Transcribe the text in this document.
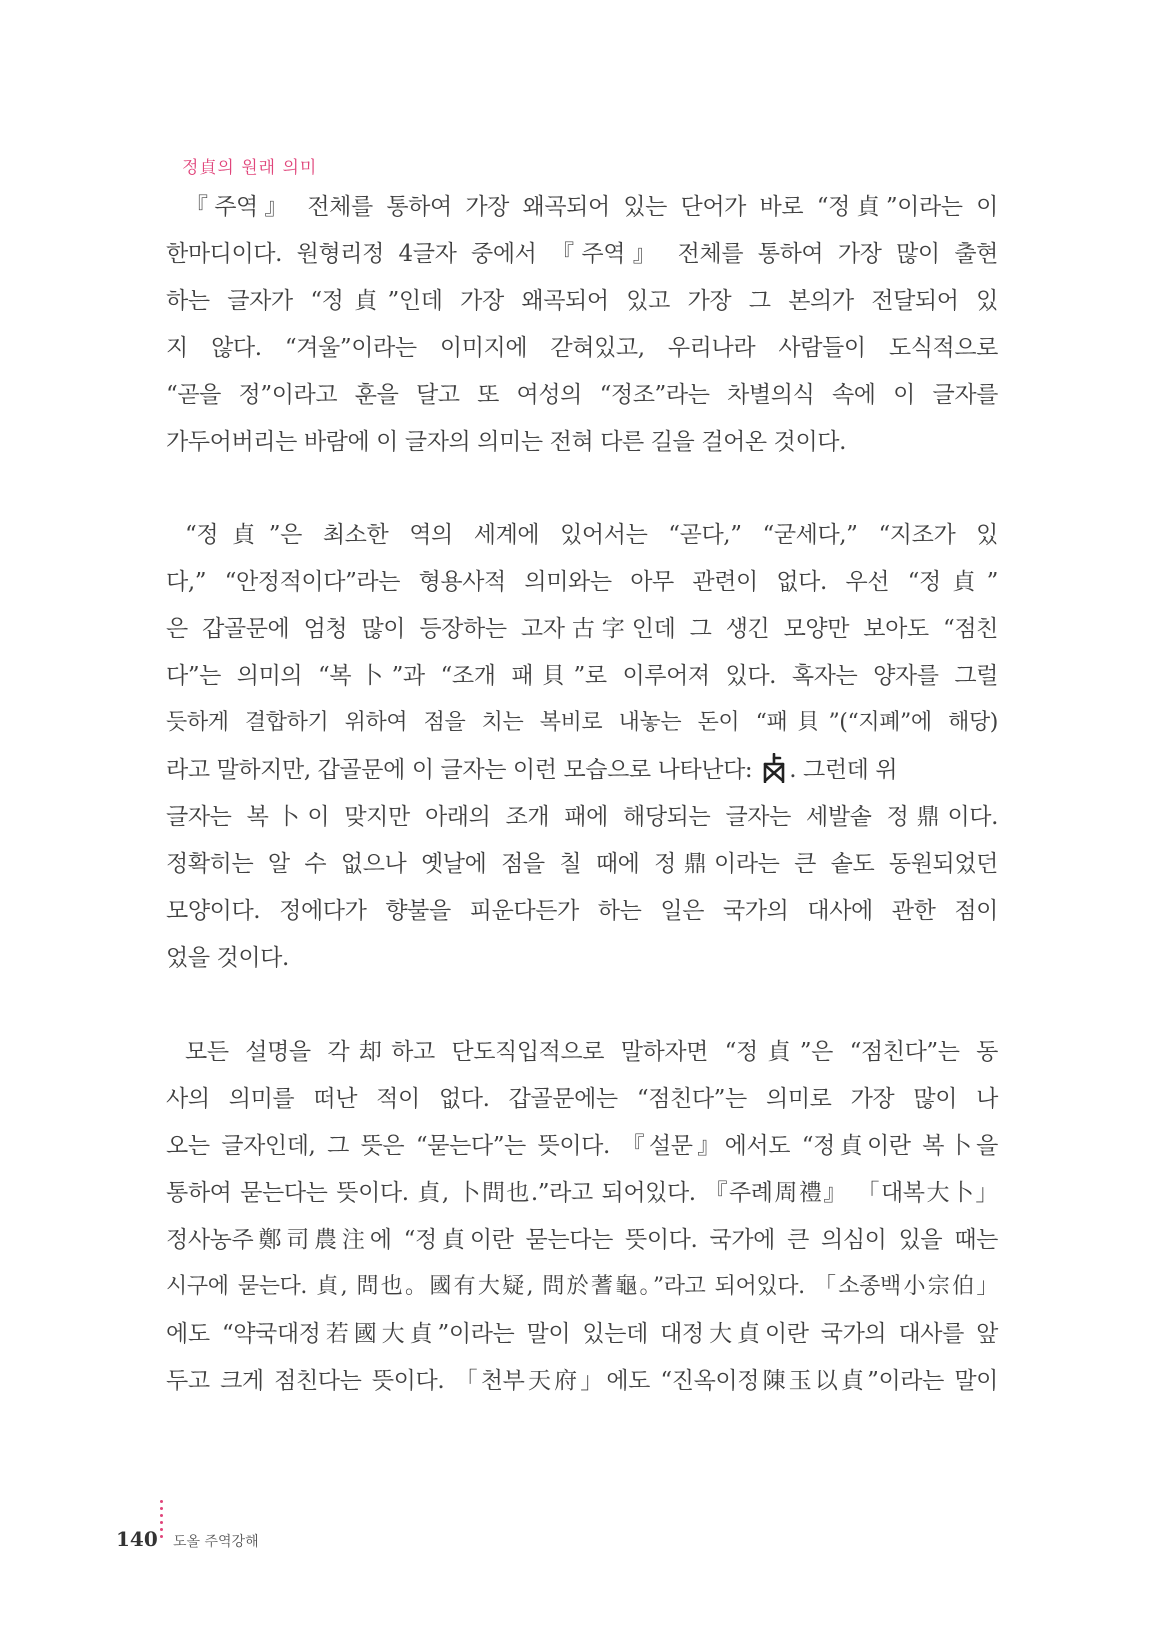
정貞의 원래 의미
『주역』 전체를 통하여 가장 왜곡되어 있는 단어가 바로 “정貞”이라는 이
한마디이다. 원형리정 4글자 중에서 『주역』 전체를 통하여 가장 많이 출현
하는 글자가 “정貞”인데 가장 왜곡되어 있고 가장 그 본의가 전달되어 있
지 않다. “겨울”이라는 이미지에 갇혀있고, 우리나라 사람들이 도식적으로
“곧을 정”이라고 훈을 달고 또 여성의 “정조”라는 차별의식 속에 이 글자를
가두어버리는 바람에 이 글자의 의미는 전혀 다른 길을 걸어온 것이다.
“정貞”은 최소한 역의 세계에 있어서는 “곧다,” “굳세다,” “지조가 있
다,” “안정적이다”라는 형용사적 의미와는 아무 관련이 없다. 우선 “정貞”
은 갑골문에 엄청 많이 등장하는 고자古字인데 그 생긴 모양만 보아도 “점친
다”는 의미의 “복卜”과 “조개 패貝”로 이루어져 있다. 혹자는 양자를 그럴
듯하게 결합하기 위하여 점을 치는 복비로 내놓는 돈이 “패貝”(“지폐”에 해당)
라고 말하지만, 갑골문에 이 글자는 이런 모습으로 나타난다: . 그런데 위
글자는 복卜이 맞지만 아래의 조개 패에 해당되는 글자는 세발솥 정鼎이다.
정확히는 알 수 없으나 옛날에 점을 칠 때에 정鼎이라는 큰 솥도 동원되었던
모양이다. 정에다가 향불을 피운다든가 하는 일은 국가의 대사에 관한 점이
었을 것이다.
모든 설명을 각却하고 단도직입적으로 말하자면 “정貞”은 “점친다”는 동
사의 의미를 떠난 적이 없다. 갑골문에는 “점친다”는 의미로 가장 많이 나
오는 글자인데, 그 뜻은 “묻는다”는 뜻이다. 『설문』에서도 “정貞이란 복卜을
통하여 묻는다는 뜻이다. 貞, 卜問也.”라고 되어있다. 『주례周禮』 「대복大卜」
정사농주鄭司農注에 “정貞이란 묻는다는 뜻이다. 국가에 큰 의심이 있을 때는
시구에 묻는다. 貞, 問也。國有大疑, 問於蓍龜。”라고 되어있다. 「소종백小宗伯」
에도 “약국대정若國大貞”이라는 말이 있는데 대정大貞이란 국가의 대사를 앞
두고 크게 점친다는 뜻이다. 「천부天府」에도 “진옥이정陳玉以貞”이라는 말이
140 도올 주역강해
